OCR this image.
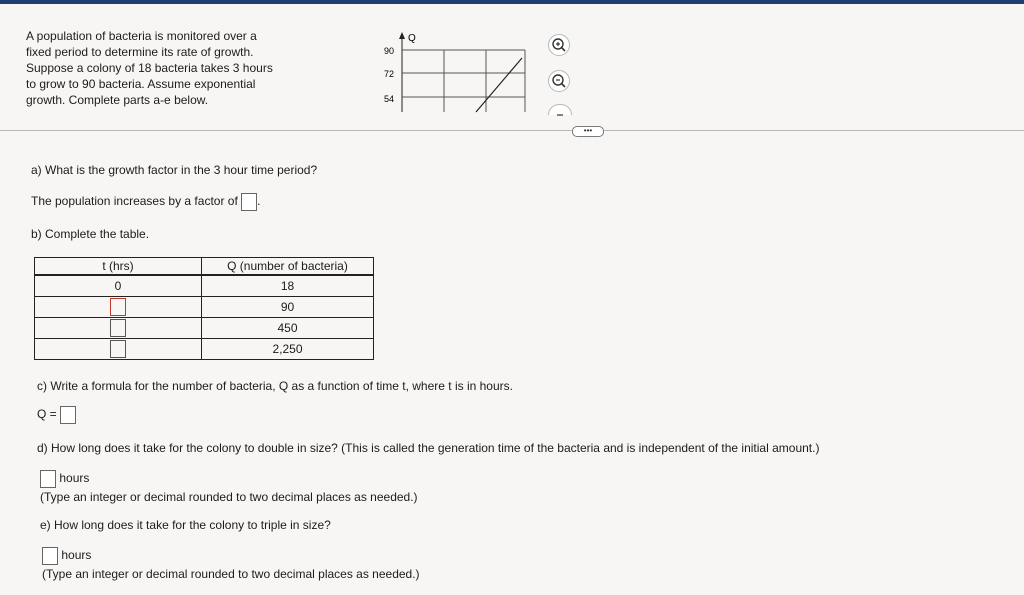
A population of bacteria is monitored over a
fixed period to determine its rate of growth.
Suppose a colony of 18 bacteria takes 3 hours
to grow to 90 bacteria. Assume exponential
growth. Complete parts a-e below.
Q
90
72
54
•••
a) What is the growth factor in the 3 hour time period?
The population increases by a factor of .
b) Complete the table.
t (hrs)	Q (number of bacteria)
0	18
	90
	450
	2,250
c) Write a formula for the number of bacteria, Q as a function of time t, where t is in hours.
Q =
d) How long does it take for the colony to double in size? (This is called the generation time of the bacteria and is independent of the initial amount.)
hours
(Type an integer or decimal rounded to two decimal places as needed.)
e) How long does it take for the colony to triple in size?
hours
(Type an integer or decimal rounded to two decimal places as needed.)
